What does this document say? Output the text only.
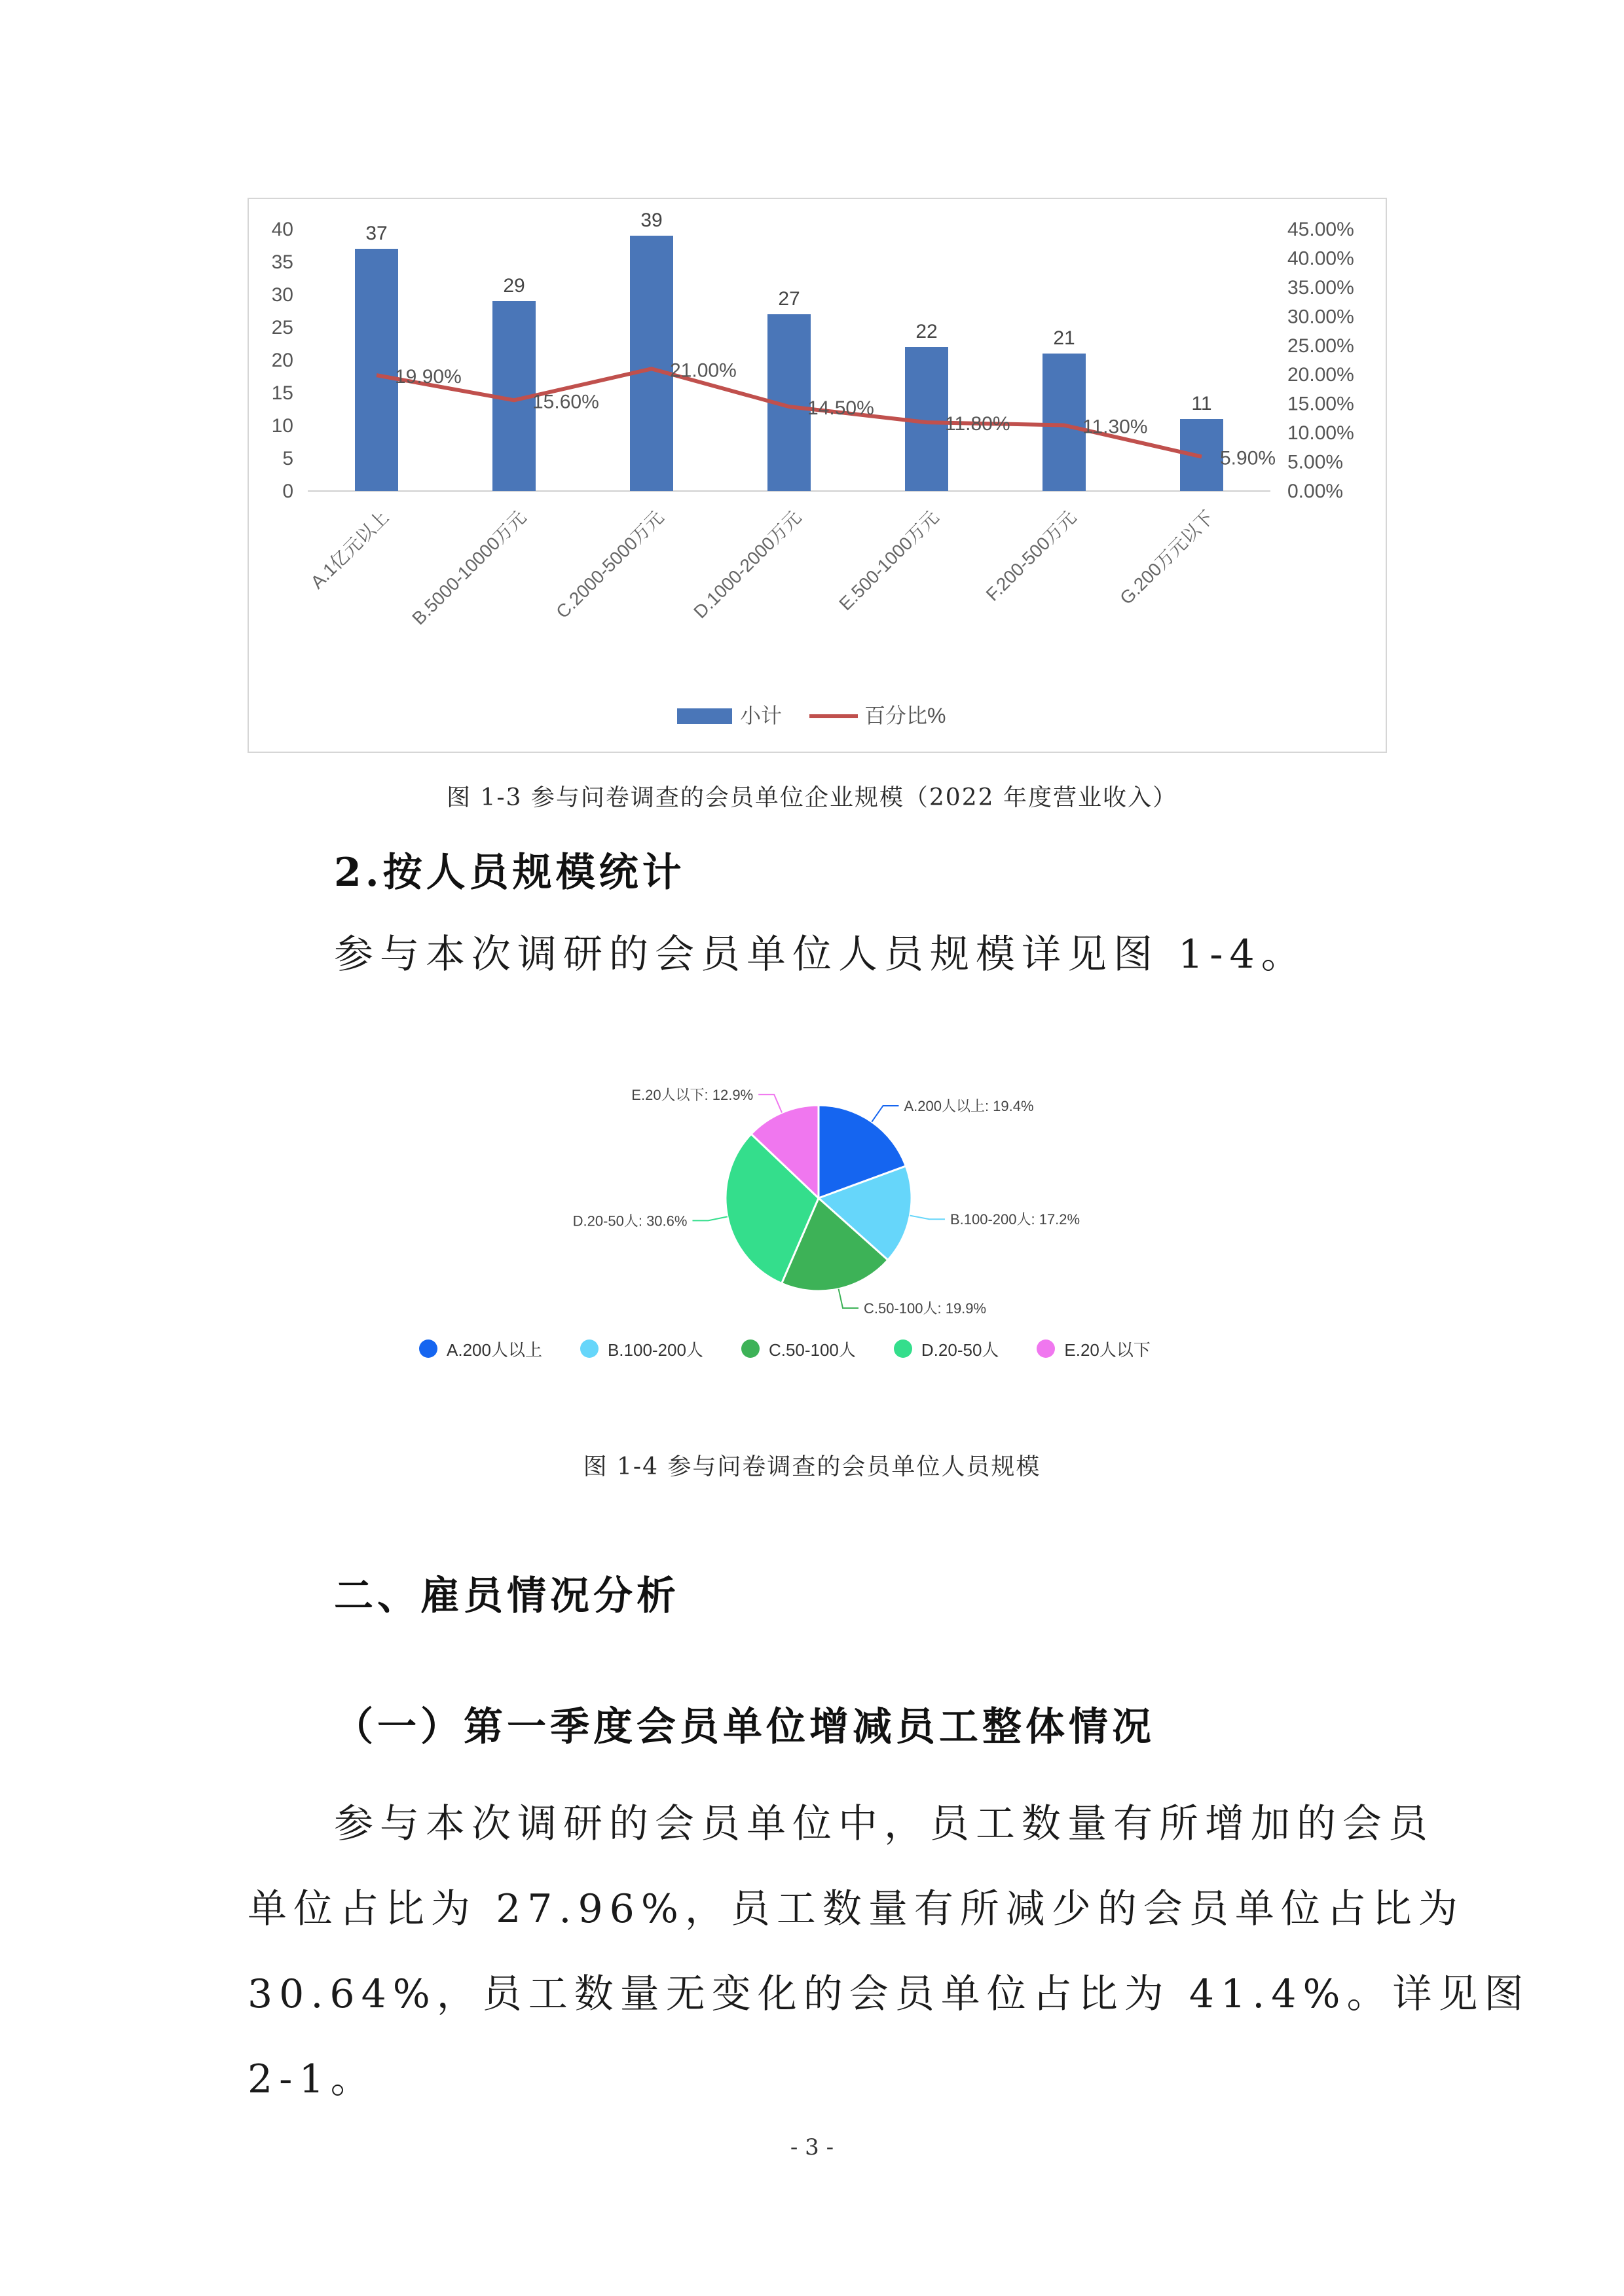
40
35
30
25
20
15
10
5
0
45.00%
40.00%
35.00%
30.00%
25.00%
20.00%
15.00%
10.00%
5.00%
0.00%
37
A.1亿元以上
29
B.5000-10000万元
39
C.2000-5000万元
27
D.1000-2000万元
22
E.500-1000万元
21
F.200-500万元
11
G.200万元以下
19.90%
15.60%
21.00%
14.50%
11.80%	11.30%
5.90%
小计	百分比%
图 1-3 参与问卷调查的会员单位企业规模（2022 年度营业收入）
2.按人员规模统计
参与本次调研的会员单位人员规模详见图 1-4。
A.200人以上: 19.4%
B.100-200人: 17.2%
C.50-100人: 19.9%
D.20-50人: 30.6%
E.20人以下: 12.9%
A.200人以上	B.100-200人	C.50-100人	D.20-50人	E.20人以下
图 1-4 参与问卷调查的会员单位人员规模
二、雇员情况分析
（一）第一季度会员单位增减员工整体情况
参与本次调研的会员单位中，员工数量有所增加的会员
单位占比为 27.96%，员工数量有所减少的会员单位占比为
30.64%，员工数量无变化的会员单位占比为 41.4%。详见图
2-1。
- 3 -
